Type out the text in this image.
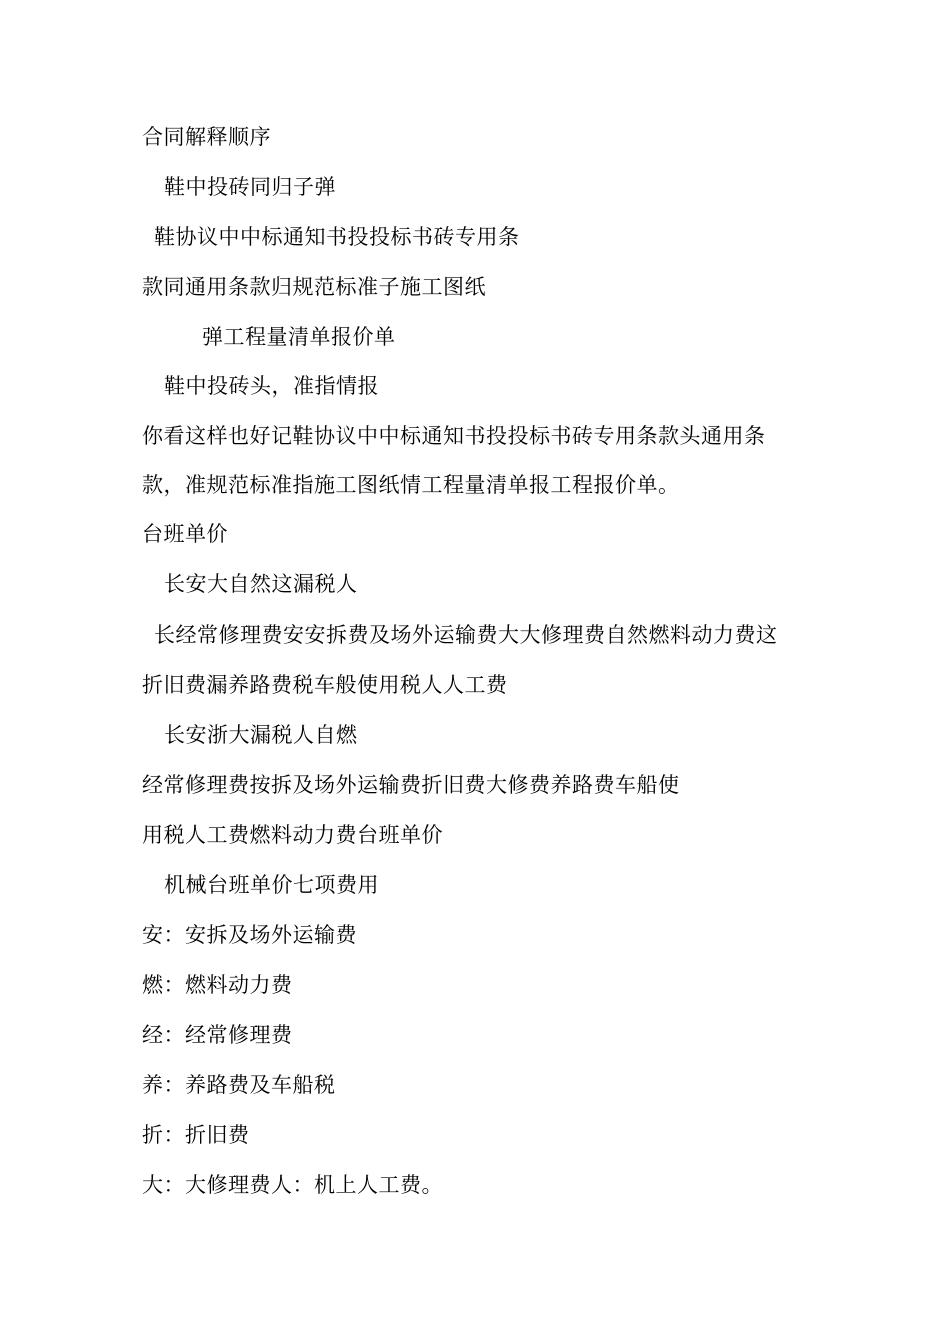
合同解释顺序
鞋中投砖同归子弹
鞋协议中中标通知书投投标书砖专用条
款同通用条款归规范标准子施工图纸
弹工程量清单报价单
鞋中投砖头，准指情报
你看这样也好记鞋协议中中标通知书投投标书砖专用条款头通用条
款，准规范标准指施工图纸情工程量清单报工程报价单。
台班单价
长安大自然这漏税人
长经常修理费安安拆费及场外运输费大大修理费自然燃料动力费这
折旧费漏养路费税车般使用税人人工费
长安浙大漏税人自燃
经常修理费按拆及场外运输费折旧费大修费养路费车船使
用税人工费燃料动力费台班单价
机械台班单价七项费用
安：安拆及场外运输费
燃：燃料动力费
经：经常修理费
养：养路费及车船税
折：折旧费
大：大修理费人：机上人工费。
